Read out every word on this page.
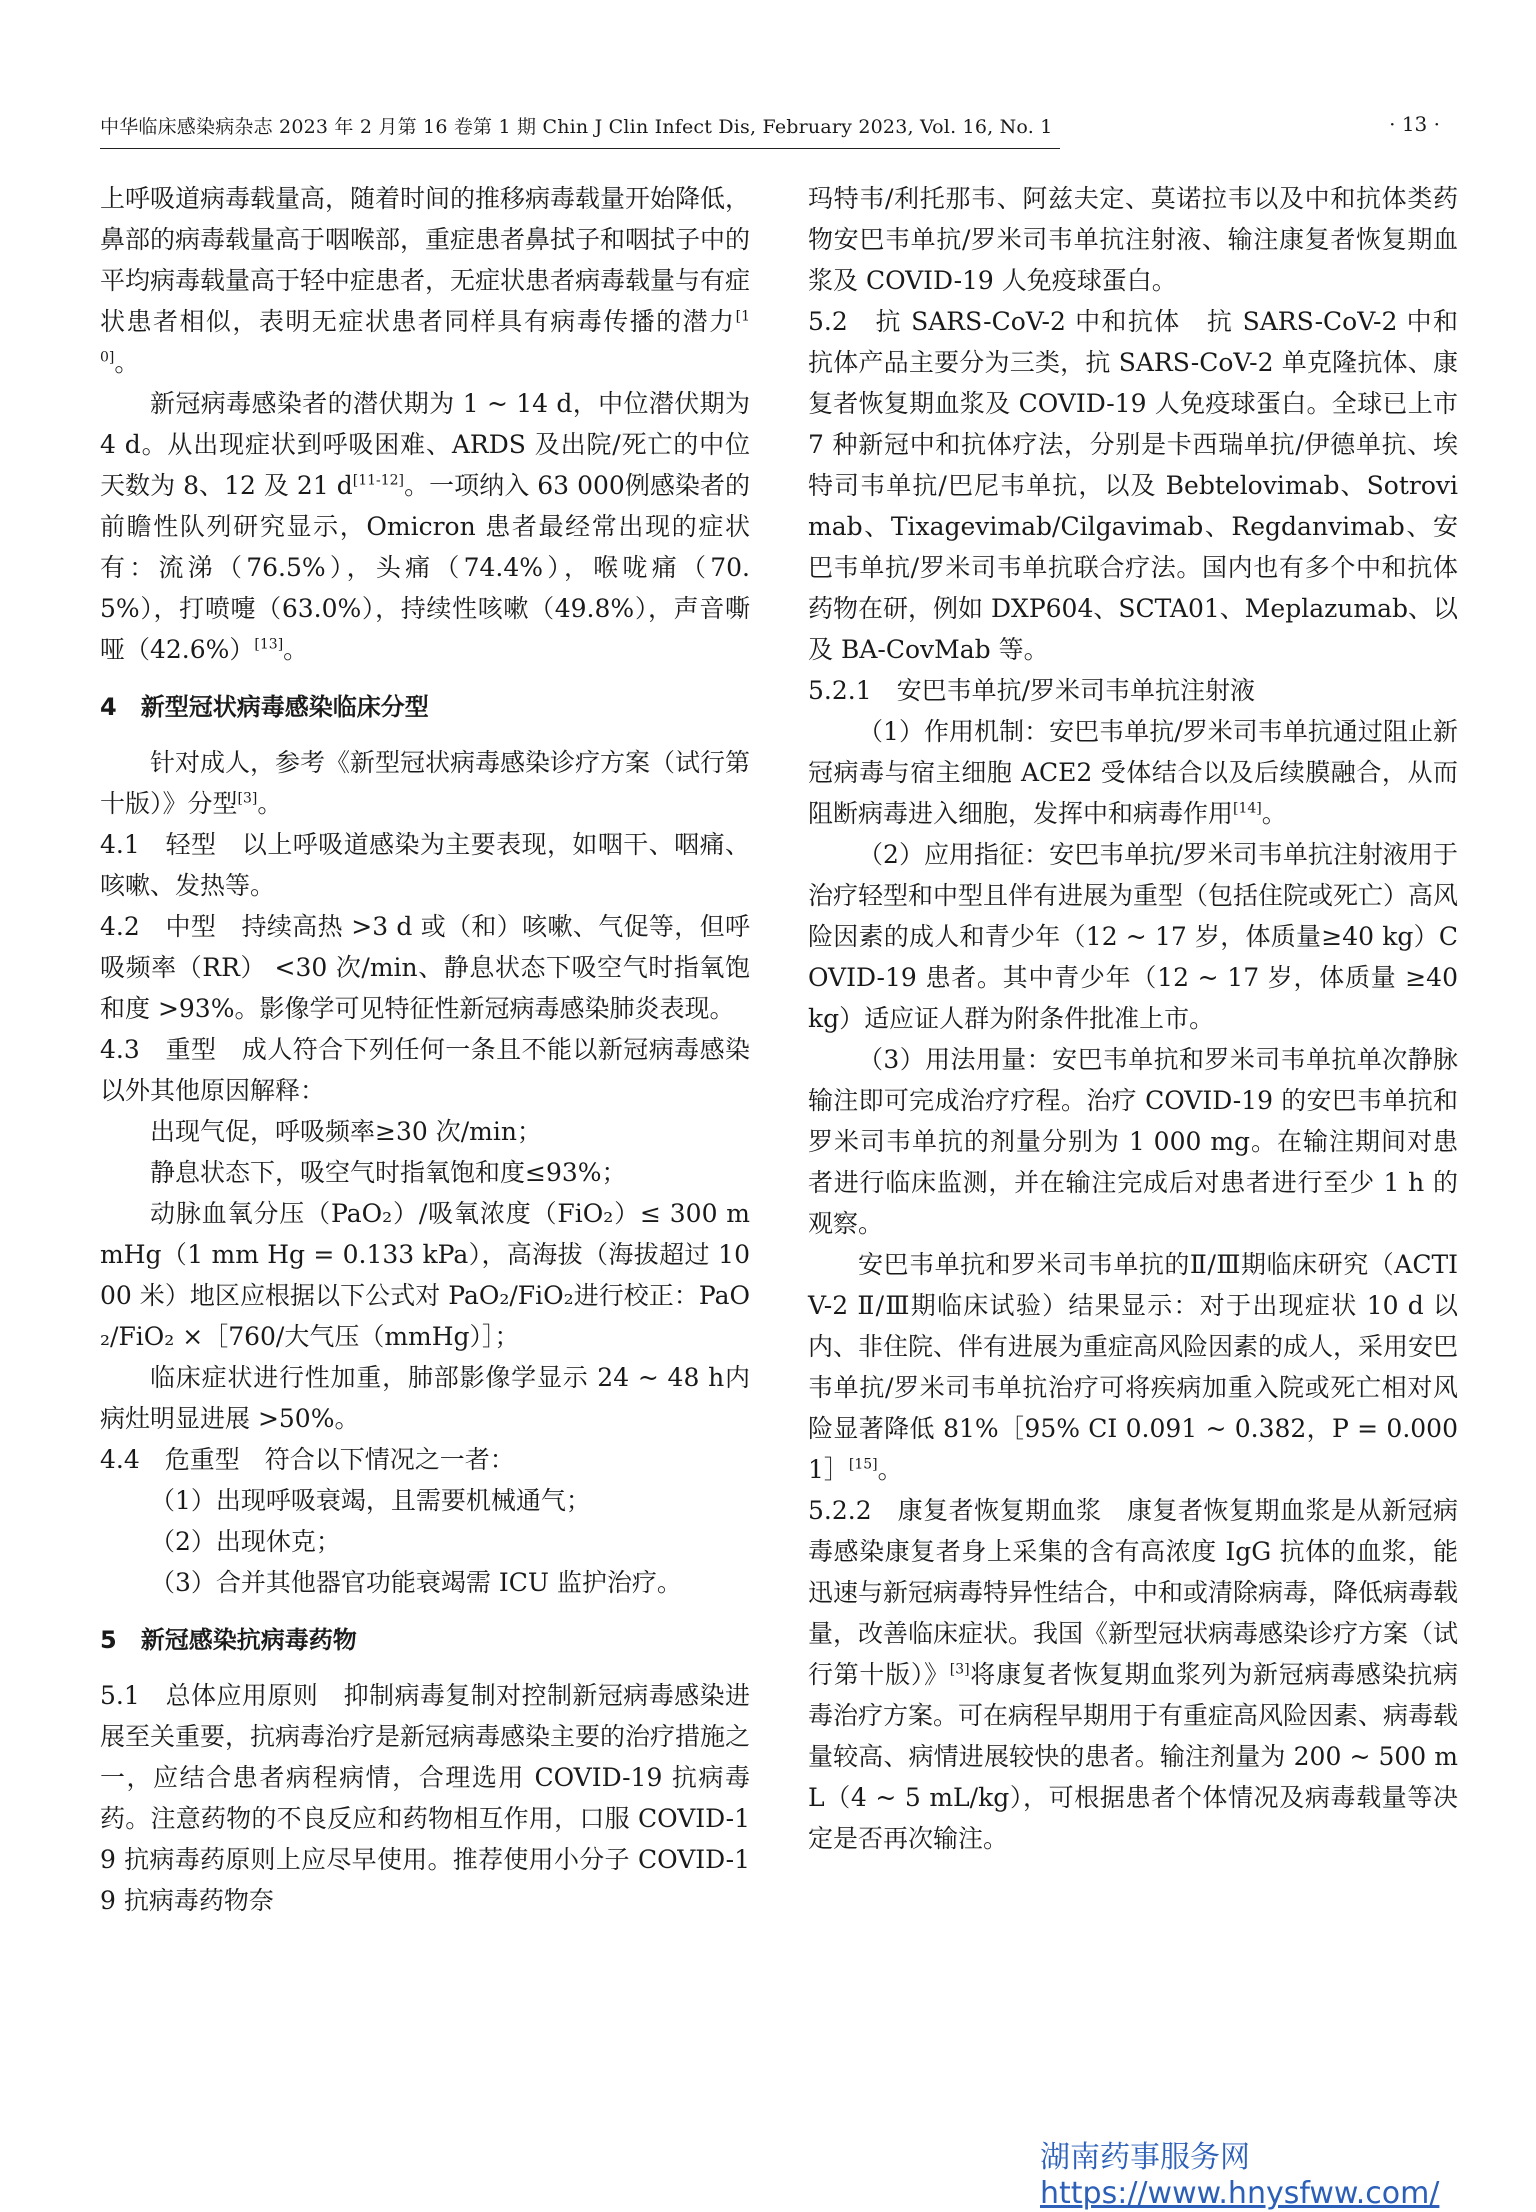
中华临床感染病杂志 2023 年 2 月第 16 卷第 1 期 Chin J Clin Infect Dis, February 2023, Vol. 16, No. 1	· 13 ·

上呼吸道病毒载量高，随着时间的推移病毒载量开始降低，鼻部的病毒载量高于咽喉部，重症患者鼻拭子和咽拭子中的平均病毒载量高于轻中症患者，无症状患者病毒载量与有症状患者相似，表明无症状患者同样具有病毒传播的潜力[10]。

新冠病毒感染者的潜伏期为 1 ~ 14 d，中位潜伏期为 4 d。从出现症状到呼吸困难、ARDS 及出院/死亡的中位天数为 8、12 及 21 d[11-12]。一项纳入 63 000例感染者的前瞻性队列研究显示，Omicron 患者最经常出现的症状有：流涕（76.5%），头痛（74.4%），喉咙痛（70.5%），打喷嚏（63.0%），持续性咳嗽（49.8%），声音嘶哑（42.6%）[13]。

4　新型冠状病毒感染临床分型

针对成人，参考《新型冠状病毒感染诊疗方案（试行第十版）》分型[3]。

4.1　轻型　以上呼吸道感染为主要表现，如咽干、咽痛、咳嗽、发热等。

4.2　中型　持续高热 >3 d 或（和）咳嗽、气促等，但呼吸频率（RR） <30 次/min、静息状态下吸空气时指氧饱和度 >93%。影像学可见特征性新冠病毒感染肺炎表现。

4.3　重型　成人符合下列任何一条且不能以新冠病毒感染以外其他原因解释：

出现气促，呼吸频率≥30 次/min；

静息状态下，吸空气时指氧饱和度≤93%；

动脉血氧分压（PaO₂）/吸氧浓度（FiO₂）≤ 300 mmHg（1 mm Hg = 0.133 kPa），高海拔（海拔超过 1000 米）地区应根据以下公式对 PaO₂/FiO₂进行校正：PaO₂/FiO₂ ×［760/大气压（mmHg）］；

临床症状进行性加重，肺部影像学显示 24 ~ 48 h内病灶明显进展 >50%。

4.4　危重型　符合以下情况之一者：

（1）出现呼吸衰竭，且需要机械通气；

（2）出现休克；

（3）合并其他器官功能衰竭需 ICU 监护治疗。

5　新冠感染抗病毒药物

5.1　总体应用原则　抑制病毒复制对控制新冠病毒感染进展至关重要，抗病毒治疗是新冠病毒感染主要的治疗措施之一，应结合患者病程病情，合理选用 COVID-19 抗病毒药。注意药物的不良反应和药物相互作用，口服 COVID-19 抗病毒药原则上应尽早使用。推荐使用小分子 COVID-19 抗病毒药物奈

玛特韦/利托那韦、阿兹夫定、莫诺拉韦以及中和抗体类药物安巴韦单抗/罗米司韦单抗注射液、输注康复者恢复期血浆及 COVID-19 人免疫球蛋白。

5.2　抗 SARS-CoV-2 中和抗体　抗 SARS-CoV-2 中和抗体产品主要分为三类，抗 SARS-CoV-2 单克隆抗体、康复者恢复期血浆及 COVID-19 人免疫球蛋白。全球已上市 7 种新冠中和抗体疗法，分别是卡西瑞单抗/伊德单抗、埃特司韦单抗/巴尼韦单抗，以及 Bebtelovimab、Sotrovimab、Tixagevimab/Cilgavimab、Regdanvimab、安巴韦单抗/罗米司韦单抗联合疗法。国内也有多个中和抗体药物在研，例如 DXP604、SCTA01、Meplazumab、以及 BA-CovMab 等。

5.2.1　安巴韦单抗/罗米司韦单抗注射液

（1）作用机制：安巴韦单抗/罗米司韦单抗通过阻止新冠病毒与宿主细胞 ACE2 受体结合以及后续膜融合，从而阻断病毒进入细胞，发挥中和病毒作用[14]。

（2）应用指征：安巴韦单抗/罗米司韦单抗注射液用于治疗轻型和中型且伴有进展为重型（包括住院或死亡）高风险因素的成人和青少年（12 ~ 17 岁，体质量≥40 kg）COVID-19 患者。其中青少年（12 ~ 17 岁，体质量 ≥40 kg）适应证人群为附条件批准上市。

（3）用法用量：安巴韦单抗和罗米司韦单抗单次静脉输注即可完成治疗疗程。治疗 COVID-19 的安巴韦单抗和罗米司韦单抗的剂量分别为 1 000 mg。在输注期间对患者进行临床监测，并在输注完成后对患者进行至少 1 h 的观察。

安巴韦单抗和罗米司韦单抗的Ⅱ/Ⅲ期临床研究（ACTIV-2 Ⅱ/Ⅲ期临床试验）结果显示：对于出现症状 10 d 以内、非住院、伴有进展为重症高风险因素的成人，采用安巴韦单抗/罗米司韦单抗治疗可将疾病加重入院或死亡相对风险显著降低 81%［95% CI 0.091 ~ 0.382，P = 0.0001］[15]。

5.2.2　康复者恢复期血浆　康复者恢复期血浆是从新冠病毒感染康复者身上采集的含有高浓度 IgG 抗体的血浆，能迅速与新冠病毒特异性结合，中和或清除病毒，降低病毒载量，改善临床症状。我国《新型冠状病毒感染诊疗方案（试行第十版）》[3]将康复者恢复期血浆列为新冠病毒感染抗病毒治疗方案。可在病程早期用于有重症高风险因素、病毒载量较高、病情进展较快的患者。输注剂量为 200 ~ 500 mL（4 ~ 5 mL/kg），可根据患者个体情况及病毒载量等决定是否再次输注。

湖南药事服务网
https://www.hnysfww.com/
